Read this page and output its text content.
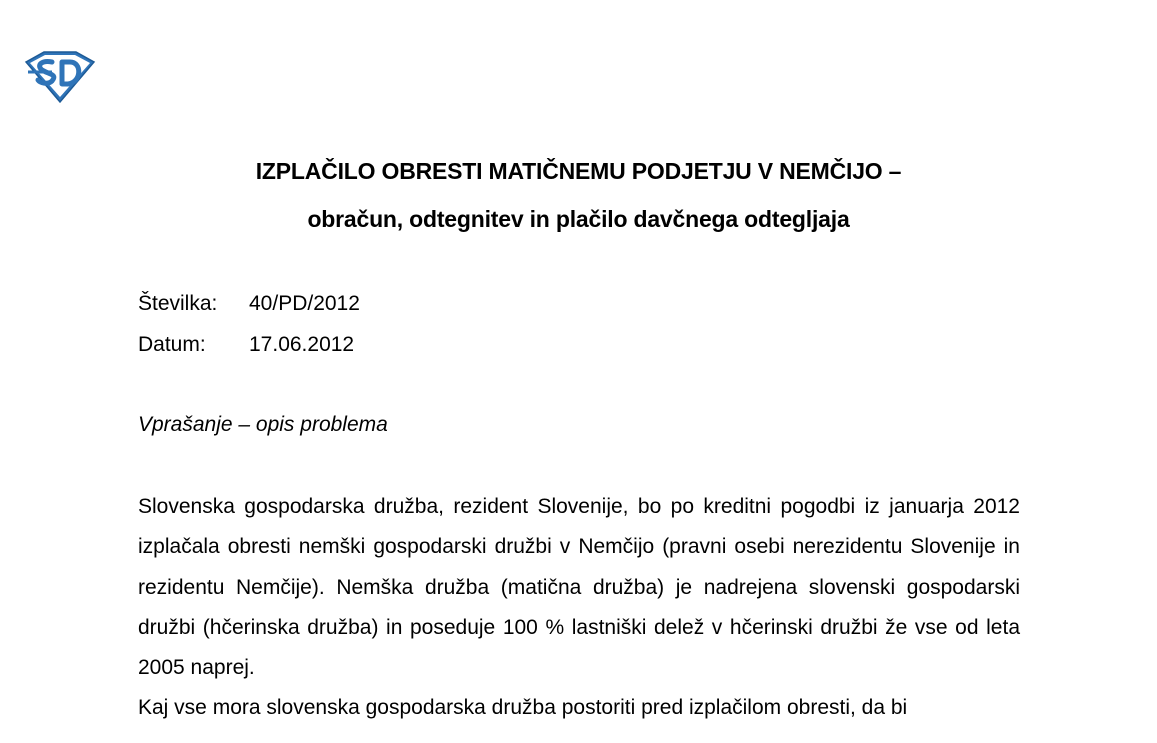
IZPLAČILO OBRESTI MATIČNEMU PODJETJU V NEMČIJO –
obračun, odtegnitev in plačilo davčnega odtegljaja
Številka: 40/PD/2012
Datum: 17.06.2012
Vprašanje – opis problema

Slovenska gospodarska družba, rezident Slovenije, bo po kreditni pogodbi iz januarja 2012 izplačala obresti nemški gospodarski družbi v Nemčijo (pravni osebi nerezidentu Slovenije in rezidentu Nemčije). Nemška družba (matična družba) je nadrejena slovenski gospodarski družbi (hčerinska družba) in poseduje 100 % lastniški delež v hčerinski družbi že vse od leta 2005 naprej.

Kaj vse mora slovenska gospodarska družba postoriti pred izplačilom obresti, da bi
